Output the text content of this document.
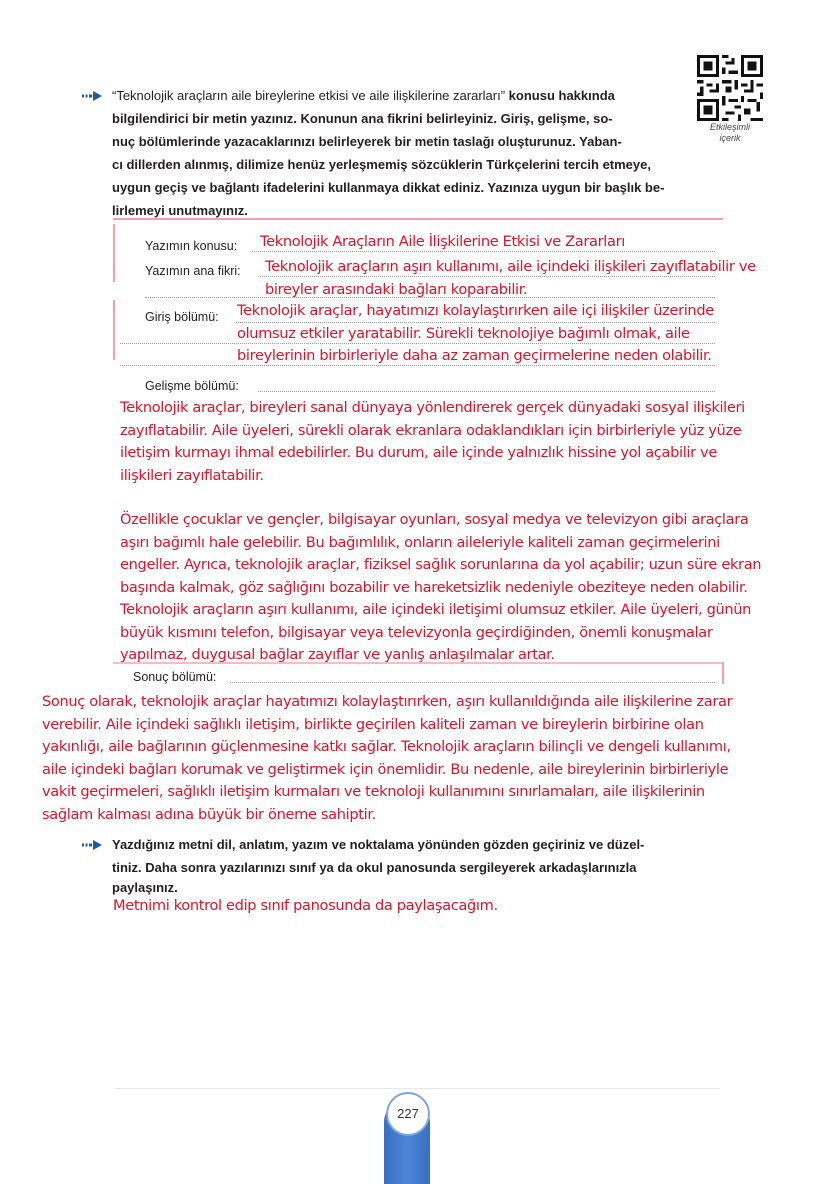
“Teknolojik araçların aile bireylerine etkisi ve aile ilişkilerine zararları” konusu hakkında
bilgilendirici bir metin yazınız. Konunun ana fikrini belirleyiniz. Giriş, gelişme, so-
nuç bölümlerinde yazacaklarınızı belirleyerek bir metin taslağı oluşturunuz. Yaban-
cı dillerden alınmış, dilimize henüz yerleşmemiş sözcüklerin Türkçelerini tercih etmeye,
uygun geçiş ve bağlantı ifadelerini kullanmaya dikkat ediniz. Yazınıza uygun bir başlık be-
lirlemeyi unutmayınız.
Etkileşimli
içerik
Yazımın konusu:
Yazımın ana fikri:
Giriş bölümü:
Gelişme bölümü:
Sonuç bölümü:
Teknolojik Araçların Aile İlişkilerine Etkisi ve Zararları
Teknolojik araçların aşırı kullanımı, aile içindeki ilişkileri zayıflatabilir ve
bireyler arasındaki bağları koparabilir.
Teknolojik araçlar, hayatımızı kolaylaştırırken aile içi ilişkiler üzerinde
olumsuz etkiler yaratabilir. Sürekli teknolojiye bağımlı olmak, aile
bireylerinin birbirleriyle daha az zaman geçirmelerine neden olabilir.
Teknolojik araçlar, bireyleri sanal dünyaya yönlendirerek gerçek dünyadaki sosyal ilişkileri
zayıflatabilir. Aile üyeleri, sürekli olarak ekranlara odaklandıkları için birbirleriyle yüz yüze
iletişim kurmayı ihmal edebilirler. Bu durum, aile içinde yalnızlık hissine yol açabilir ve
ilişkileri zayıflatabilir.
Özellikle çocuklar ve gençler, bilgisayar oyunları, sosyal medya ve televizyon gibi araçlara
aşırı bağımlı hale gelebilir. Bu bağımlılık, onların aileleriyle kaliteli zaman geçirmelerini
engeller. Ayrıca, teknolojik araçlar, fiziksel sağlık sorunlarına da yol açabilir; uzun süre ekran
başında kalmak, göz sağlığını bozabilir ve hareketsizlik nedeniyle obeziteye neden olabilir.
Teknolojik araçların aşırı kullanımı, aile içindeki iletişimi olumsuz etkiler. Aile üyeleri, günün
büyük kısmını telefon, bilgisayar veya televizyonla geçirdiğinden, önemli konuşmalar
yapılmaz, duygusal bağlar zayıflar ve yanlış anlaşılmalar artar.
Sonuç olarak, teknolojik araçlar hayatımızı kolaylaştırırken, aşırı kullanıldığında aile ilişkilerine zarar
verebilir. Aile içindeki sağlıklı iletişim, birlikte geçirilen kaliteli zaman ve bireylerin birbirine olan
yakınlığı, aile bağlarının güçlenmesine katkı sağlar. Teknolojik araçların bilinçli ve dengeli kullanımı,
aile içindeki bağları korumak ve geliştirmek için önemlidir. Bu nedenle, aile bireylerinin birbirleriyle
vakit geçirmeleri, sağlıklı iletişim kurmaları ve teknoloji kullanımını sınırlamaları, aile ilişkilerinin
sağlam kalması adına büyük bir öneme sahiptir.
Yazdığınız metni dil, anlatım, yazım ve noktalama yönünden gözden geçiriniz ve düzel-
tiniz. Daha sonra yazılarınızı sınıf ya da okul panosunda sergileyerek arkadaşlarınızla
paylaşınız.
Metnimi kontrol edip sınıf panosunda da paylaşacağım.
227
